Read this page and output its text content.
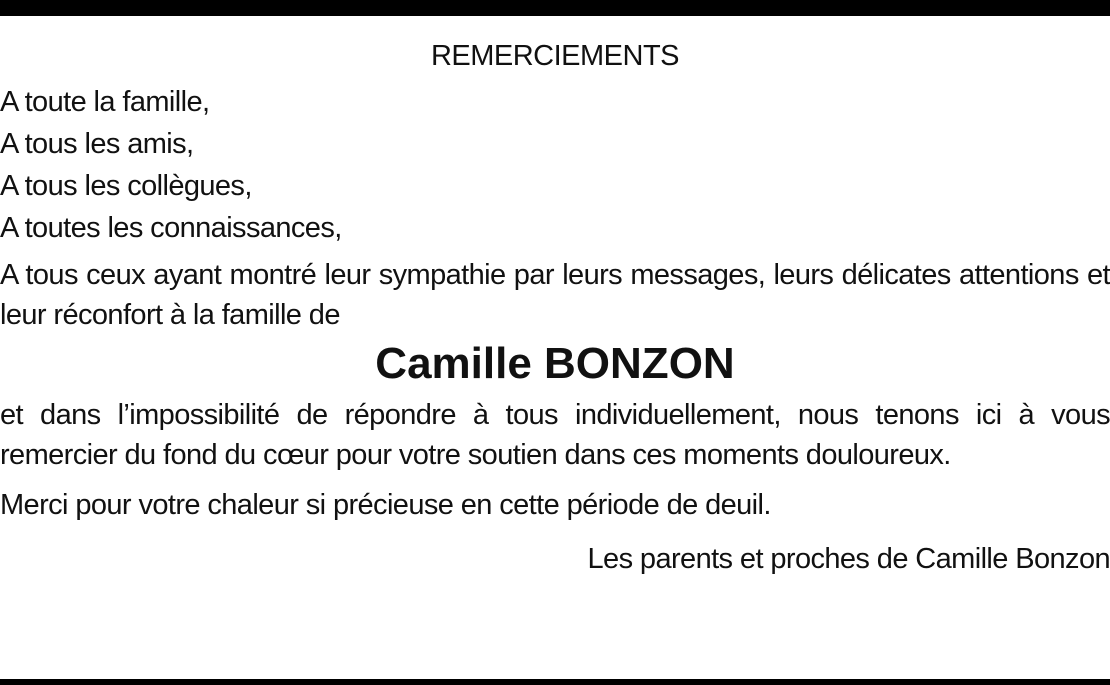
REMERCIEMENTS
A toute la famille,
A tous les amis,
A tous les collègues,
A toutes les connaissances,

A tous ceux ayant montré leur sympathie par leurs messages, leurs délicates attentions et leur réconfort à la famille de

Camille BONZON

et dans l’impossibilité de répondre à tous individuellement, nous tenons ici à vous remercier du fond du cœur pour votre soutien dans ces moments douloureux.

Merci pour votre chaleur si précieuse en cette période de deuil.

Les parents et proches de Camille Bonzon
